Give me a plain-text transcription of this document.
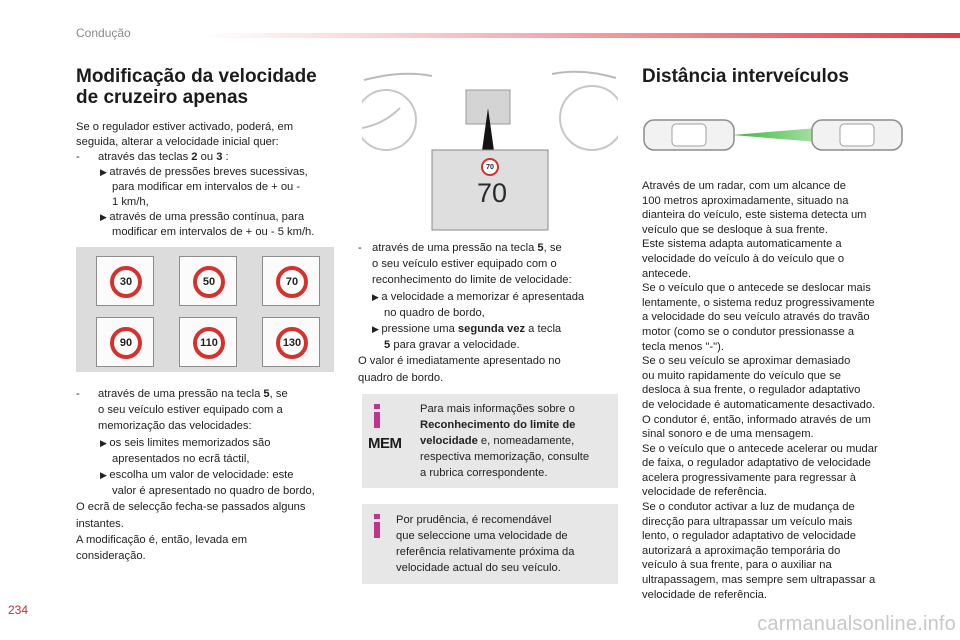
Condução
Modificação da velocidade
de cruzeiro apenas
Se o regulador estiver activado, poderá, em
seguida, alterar a velocidade inicial quer:
- através das teclas 2 ou 3 :
▶ através de pressões breves sucessivas,
para modificar em intervalos de + ou -
1 km/h,
▶ através de uma pressão contínua, para
modificar em intervalos de + ou - 5 km/h.
30	50	70
90	110	130
- através de uma pressão na tecla 5, se
o seu veículo estiver equipado com a
memorização das velocidades:
▶ os seis limites memorizados são
apresentados no ecrã táctil,
▶ escolha um valor de velocidade: este
valor é apresentado no quadro de bordo,
O ecrã de selecção fecha-se passados alguns
instantes.
A modificação é, então, levada em
consideração.
70
70
- através de uma pressão na tecla 5, se
o seu veículo estiver equipado com o
reconhecimento do limite de velocidade:
▶ a velocidade a memorizar é apresentada
no quadro de bordo,
▶ pressione uma segunda vez a tecla
5 para gravar a velocidade.
O valor é imediatamente apresentado no
quadro de bordo.
MEM
Para mais informações sobre o
Reconhecimento do limite de
velocidade e, nomeadamente,
respectiva memorização, consulte
a rubrica correspondente.
Por prudência, é recomendável
que seleccione uma velocidade de
referência relativamente próxima da
velocidade actual do seu veículo.
Distância interveículos
Através de um radar, com um alcance de
100 metros aproximadamente, situado na
dianteira do veículo, este sistema detecta um
veículo que se desloque à sua frente.
Este sistema adapta automaticamente a
velocidade do veículo à do veículo que o
antecede.
Se o veículo que o antecede se deslocar mais
lentamente, o sistema reduz progressivamente
a velocidade do seu veículo através do travão
motor (como se o condutor pressionasse a
tecla menos "-").
Se o seu veículo se aproximar demasiado
ou muito rapidamente do veículo que se
desloca à sua frente, o regulador adaptativo
de velocidade é automaticamente desactivado.
O condutor é, então, informado através de um
sinal sonoro e de uma mensagem.
Se o veículo que o antecede acelerar ou mudar
de faixa, o regulador adaptativo de velocidade
acelera progressivamente para regressar à
velocidade de referência.
Se o condutor activar a luz de mudança de
direcção para ultrapassar um veículo mais
lento, o regulador adaptativo de velocidade
autorizará a aproximação temporária do
veículo à sua frente, para o auxiliar na
ultrapassagem, mas sempre sem ultrapassar a
velocidade de referência.
234
carmanualsonline.info
